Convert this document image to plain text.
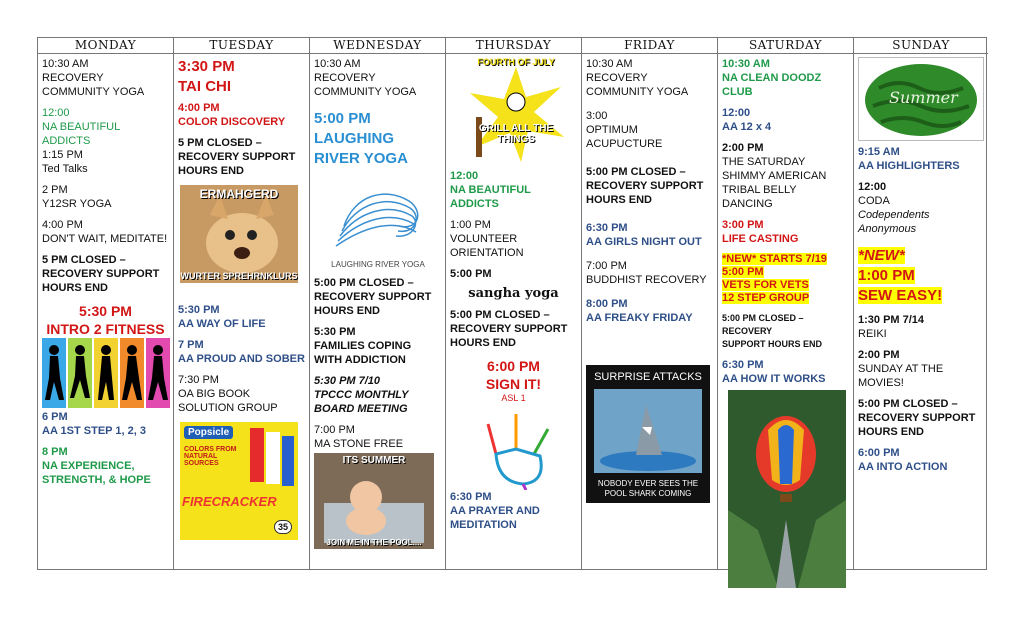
MONDAY
10:30 AM
RECOVERY COMMUNITY YOGA
12:00
NA BEAUTIFUL ADDICTS
1:15 PM
Ted Talks
2 PM
Y12SR YOGA
4:00 PM
DON'T WAIT, MEDITATE!
5 PM CLOSED –
RECOVERY SUPPORT HOURS END
5:30 PM
INTRO 2 FITNESS
6 PM
AA 1ST STEP 1, 2, 3
8 PM
NA EXPERIENCE, STRENGTH, & HOPE
TUESDAY
3:30 PM
TAI CHI
4:00 PM
COLOR DISCOVERY
5 PM CLOSED –
RECOVERY SUPPORT HOURS END
ERMAHGERD
WURTER SPREHRNKLURS
5:30 PM
AA WAY OF LIFE
7 PM
AA PROUD AND SOBER
7:30 PM
OA BIG BOOK SOLUTION GROUP
Popsicle
COLORS FROM NATURAL SOURCES
FIRECRACKER
35
WEDNESDAY
10:30 AM
RECOVERY COMMUNITY YOGA
5:00 PM
LAUGHING RIVER YOGA
LAUGHING RIVER YOGA
5:00 PM CLOSED –
RECOVERY SUPPORT HOURS END
5:30 PM
FAMILIES COPING WITH ADDICTION
5:30 PM 7/10
TPCCC MONTHLY BOARD MEETING
7:00 PM
MA STONE FREE
ITS SUMMER
JOIN ME IN THE POOL....
THURSDAY
FOURTH OF JULY
GRILL ALL THE THINGS
12:00
NA BEAUTIFUL ADDICTS
1:00 PM
VOLUNTEER ORIENTATION
5:00 PM
sangha yoga
5:00 PM CLOSED –
RECOVERY SUPPORT HOURS END
6:00 PM
SIGN IT!
ASL 1
6:30 PM
AA PRAYER AND MEDITATION
FRIDAY
10:30 AM
RECOVERY COMMUNITY YOGA
3:00
OPTIMUM ACUPUCTURE
5:00 PM CLOSED –
RECOVERY SUPPORT HOURS END
6:30 PM
AA GIRLS NIGHT OUT
7:00 PM
BUDDHIST RECOVERY
8:00 PM
AA FREAKY FRIDAY
SURPRISE ATTACKS
NOBODY EVER SEES THE POOL SHARK COMING
SATURDAY
10:30 AM
NA CLEAN DOODZ CLUB
12:00
AA 12 x 4
2:00 PM
THE SATURDAY SHIMMY AMERICAN TRIBAL BELLY DANCING
3:00 PM
LIFE CASTING
*NEW* STARTS 7/19
5:00 PM
VETS FOR VETS
12 STEP GROUP
5:00 PM CLOSED – RECOVERY
SUPPORT HOURS END
6:30 PM
AA HOW IT WORKS
SUNDAY
Summer
9:15 AM
AA HIGHLIGHTERS
12:00
CODA
Codependents Anonymous
*NEW*
1:00 PM
SEW EASY!
1:30 PM 7/14
REIKI
2:00 PM
SUNDAY AT THE MOVIES!
5:00 PM CLOSED –
RECOVERY SUPPORT HOURS END
6:00 PM
AA INTO ACTION
